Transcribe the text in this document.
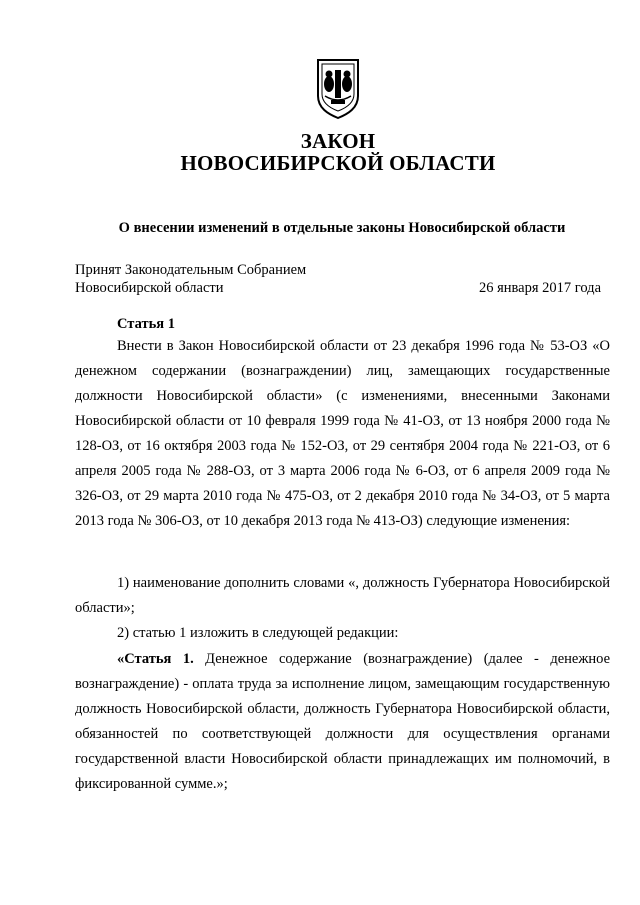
ЗАКОН
НОВОСИБИРСКОЙ ОБЛАСТИ
О внесении изменений в отдельные законы Новосибирской области
Принят Законодательным Собранием
Новосибирской области	26 января 2017 года
Статья 1

Внести в Закон Новосибирской области от 23 декабря 1996 года № 53-ОЗ «О денежном содержании (вознаграждении) лиц, замещающих государственные должности Новосибирской области» (с изменениями, внесенными Законами Новосибирской области от 10 февраля 1999 года № 41-ОЗ, от 13 ноября 2000 года № 128-ОЗ, от 16 октября 2003 года № 152-ОЗ, от 29 сентября 2004 года № 221-ОЗ, от 6 апреля 2005 года № 288-ОЗ, от 3 марта 2006 года № 6-ОЗ, от 6 апреля 2009 года № 326-ОЗ, от 29 марта 2010 года № 475-ОЗ, от 2 декабря 2010 года № 34-ОЗ, от 5 марта 2013 года № 306-ОЗ, от 10 декабря 2013 года № 413-ОЗ) следующие изменения:

1) наименование дополнить словами «, должность Губернатора Новосибирской области»;

2) статью 1 изложить в следующей редакции:

«Статья 1. Денежное содержание (вознаграждение) (далее - денежное вознаграждение) - оплата труда за исполнение лицом, замещающим государственную должность Новосибирской области, должность Губернатора Новосибирской области, обязанностей по соответствующей должности для осуществления органами государственной власти Новосибирской области принадлежащих им полномочий, в фиксированной сумме.»;
